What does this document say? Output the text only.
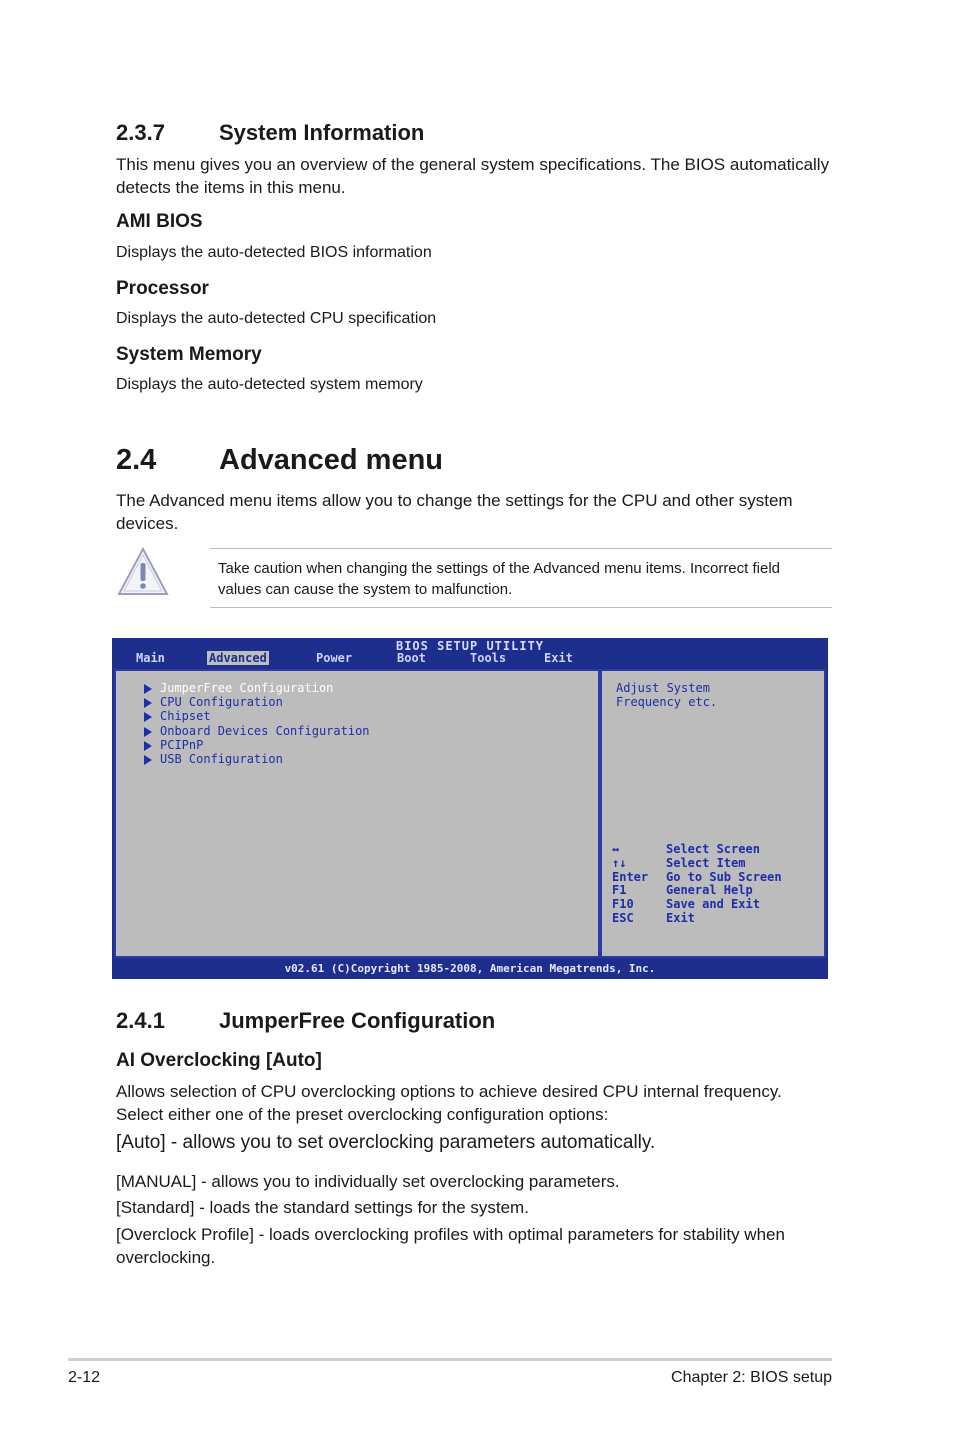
2.3.7 System Information
This menu gives you an overview of the general system specifications. The BIOS automatically detects the items in this menu.
AMI BIOS
Displays the auto-detected BIOS information
Processor
Displays the auto-detected CPU specification
System Memory
Displays the auto-detected system memory
2.4 Advanced menu
The Advanced menu items allow you to change the settings for the CPU and other system devices.
Take caution when changing the settings of the Advanced menu items. Incorrect field values can cause the system to malfunction.
BIOS SETUP UTILITY
Main	Advanced	Power	Boot	Tools	Exit
JumperFree Configuration
CPU Configuration
Chipset
Onboard Devices Configuration
PCIPnP
USB Configuration
Adjust System
Frequency etc.
↔	Select Screen
↑↓	Select Item
Enter Go to Sub Screen
F1	General Help
F10	Save and Exit
ESC	Exit
v02.61 (C)Copyright 1985-2008, American Megatrends, Inc.
2.4.1 JumperFree Configuration
AI Overclocking [Auto]
Allows selection of CPU overclocking options to achieve desired CPU internal frequency. Select either one of the preset overclocking configuration options:
[Auto] - allows you to set overclocking parameters automatically.
[MANUAL] - allows you to individually set overclocking parameters.
[Standard] - loads the standard settings for the system.
[Overclock Profile] - loads overclocking profiles with optimal parameters for stability when overclocking.
2-12	Chapter 2: BIOS setup
